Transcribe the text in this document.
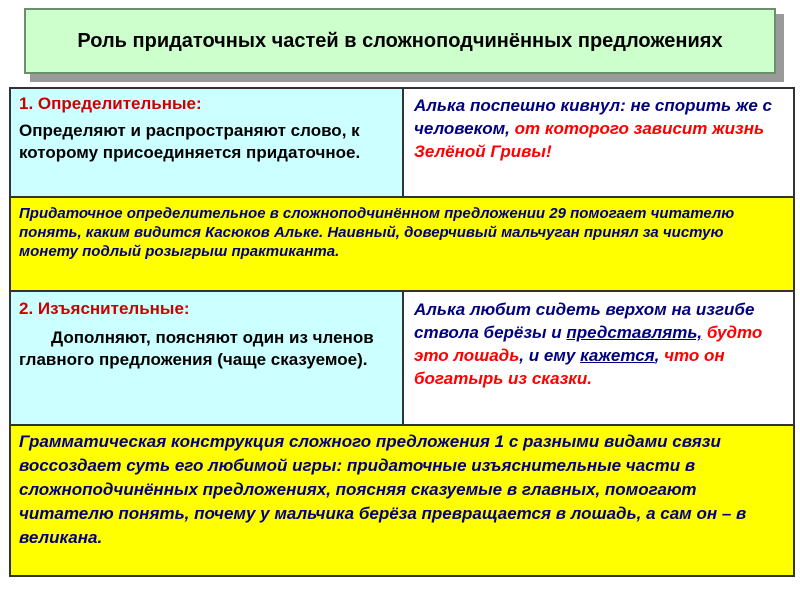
Роль придаточных частей в сложноподчинённых предложениях
1. Определительные:
Определяют и распространяют слово, к которому присоединяется придаточное.	Алька поспешно кивнул: не спорить же с человеком, от которого зависит жизнь Зелёной Гривы!

Придаточное определительное в сложноподчинённом предложении 29 помогает читателю понять, каким видится Касюков Альке. Наивный, доверчивый мальчуган принял за чистую монету подлый розыгрыш практиканта.	

2. Изъяснительные:
Дополняют, поясняют один из членов главного предложения (чаще сказуемое).	Алька любит сидеть верхом на изгибе ствола берёзы и представлять, будто это лошадь, и ему кажется, что он богатырь из сказки.

Грамматическая конструкция сложного предложения 1 с разными видами связи воссоздает суть его любимой игры: придаточные изъяснительные части в сложноподчинённых предложениях, поясняя сказуемые в главных, помогают читателю понять, почему у мальчика берёза превращается в лошадь, а сам он – в великана.	
